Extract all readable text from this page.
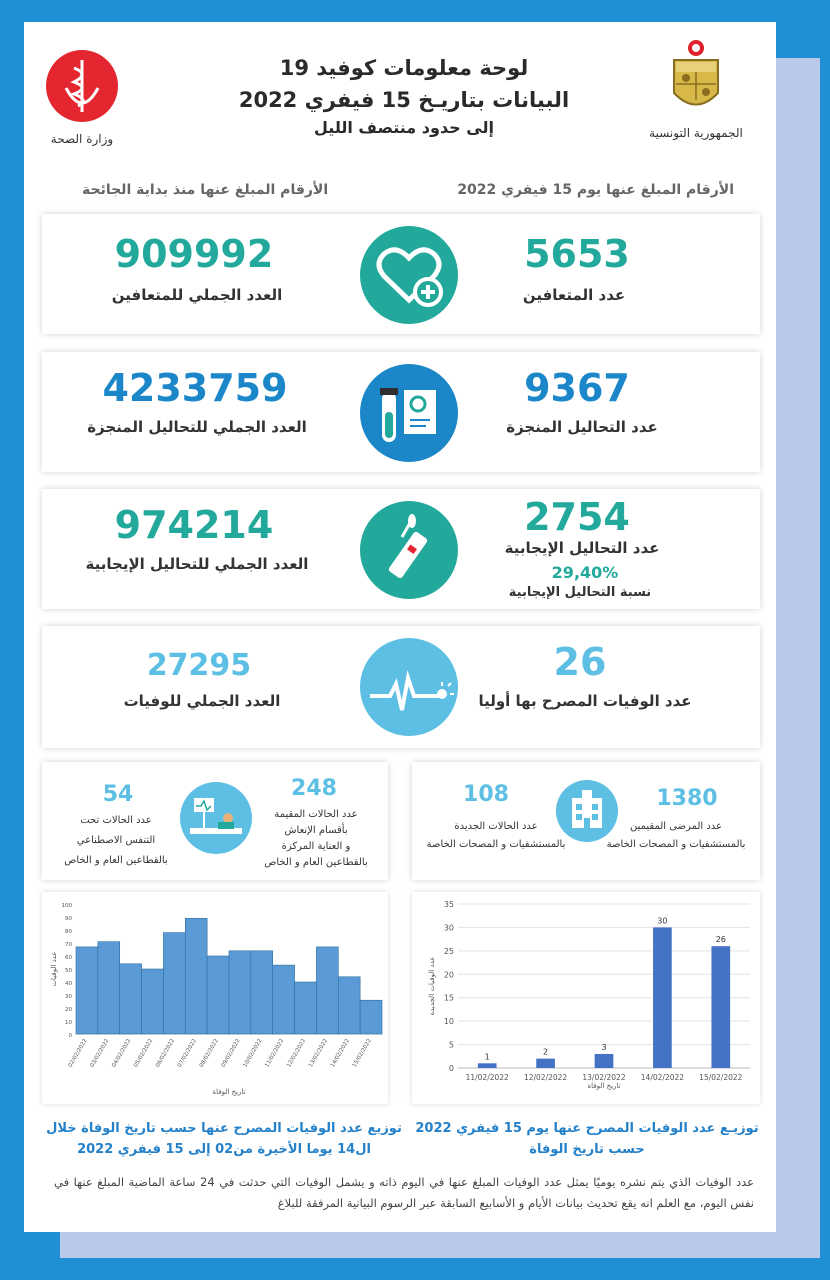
الجمهورية التونسية
وزارة الصحة
لوحة معلومات كوفيد 19
البيانات بتاريـخ 15 فيفري 2022
إلى حدود منتصف الليل
الأرقام المبلغ عنها يوم 15 فيفري 2022
الأرقام المبلغ عنها منذ بداية الجائحة
5653
عدد المتعافين
909992
العدد الجملي للمتعافين
9367
عدد التحاليل المنجزة
4233759
العدد الجملي للتحاليل المنجزة
2754
عدد التحاليل الإيجابية
29,40%
نسبة التحاليل الإيجابية
974214
العدد الجملي للتحاليل الإيجابية
26
عدد الوفيات المصرح بها أوليا
27295
العدد الجملي للوفيات
1380
عدد المرضى المقيمين
بالمستشفيات و المصحات الخاصة
108
عدد الحالات الجديدة
بالمستشفيات و المصحات الخاصة
248
عدد الحالات المقيمة
بأقسام الإنعاش
و العناية المركزة
بالقطاعين العام و الخاص
54
عدد الحالات تحت
التنفس الاصطناعي
بالقطاعين العام و الخاص
0
5
10
15
20
25
30
35
1
11/02/2022
2
12/02/2022
3
13/02/2022
30
14/02/2022
26
15/02/2022
تاريخ الوفاة
عدد الوفيات الجديدة
توزيـع عدد الوفيات المصرح عنها يوم 15 فيفري 2022
حسب تاريخ الوفاة
0
10
20
30
40
50
60
70
80
90
100
02/02/2022 03/02/2022 04/02/2022 05/02/2022 06/02/2022 07/02/2022 08/02/2022 09/02/2022 10/02/2022 11/02/2022 12/02/2022 13/02/2022 14/02/2022 15/02/2022
تاريخ الوفاة
عدد الوفيات
توزيع عدد الوفيات المصرح عنها حسب تاريخ الوفاة خلال
ال14 يوما الأخيرة من02 إلى 15 فيفري 2022
عدد الوفيات الذي يتم نشره يوميًا يمثل عدد الوفيات المبلغ عنها في اليوم ذاته و يشمل الوفيات التي حدثت في 24 ساعة الماضية المبلغ عنها في نفس اليوم، مع العلم انه يقع تحديث بيانات الأيام و الأسابيع السابقة عبر الرسوم البيانية المرفقة للبلاغ
